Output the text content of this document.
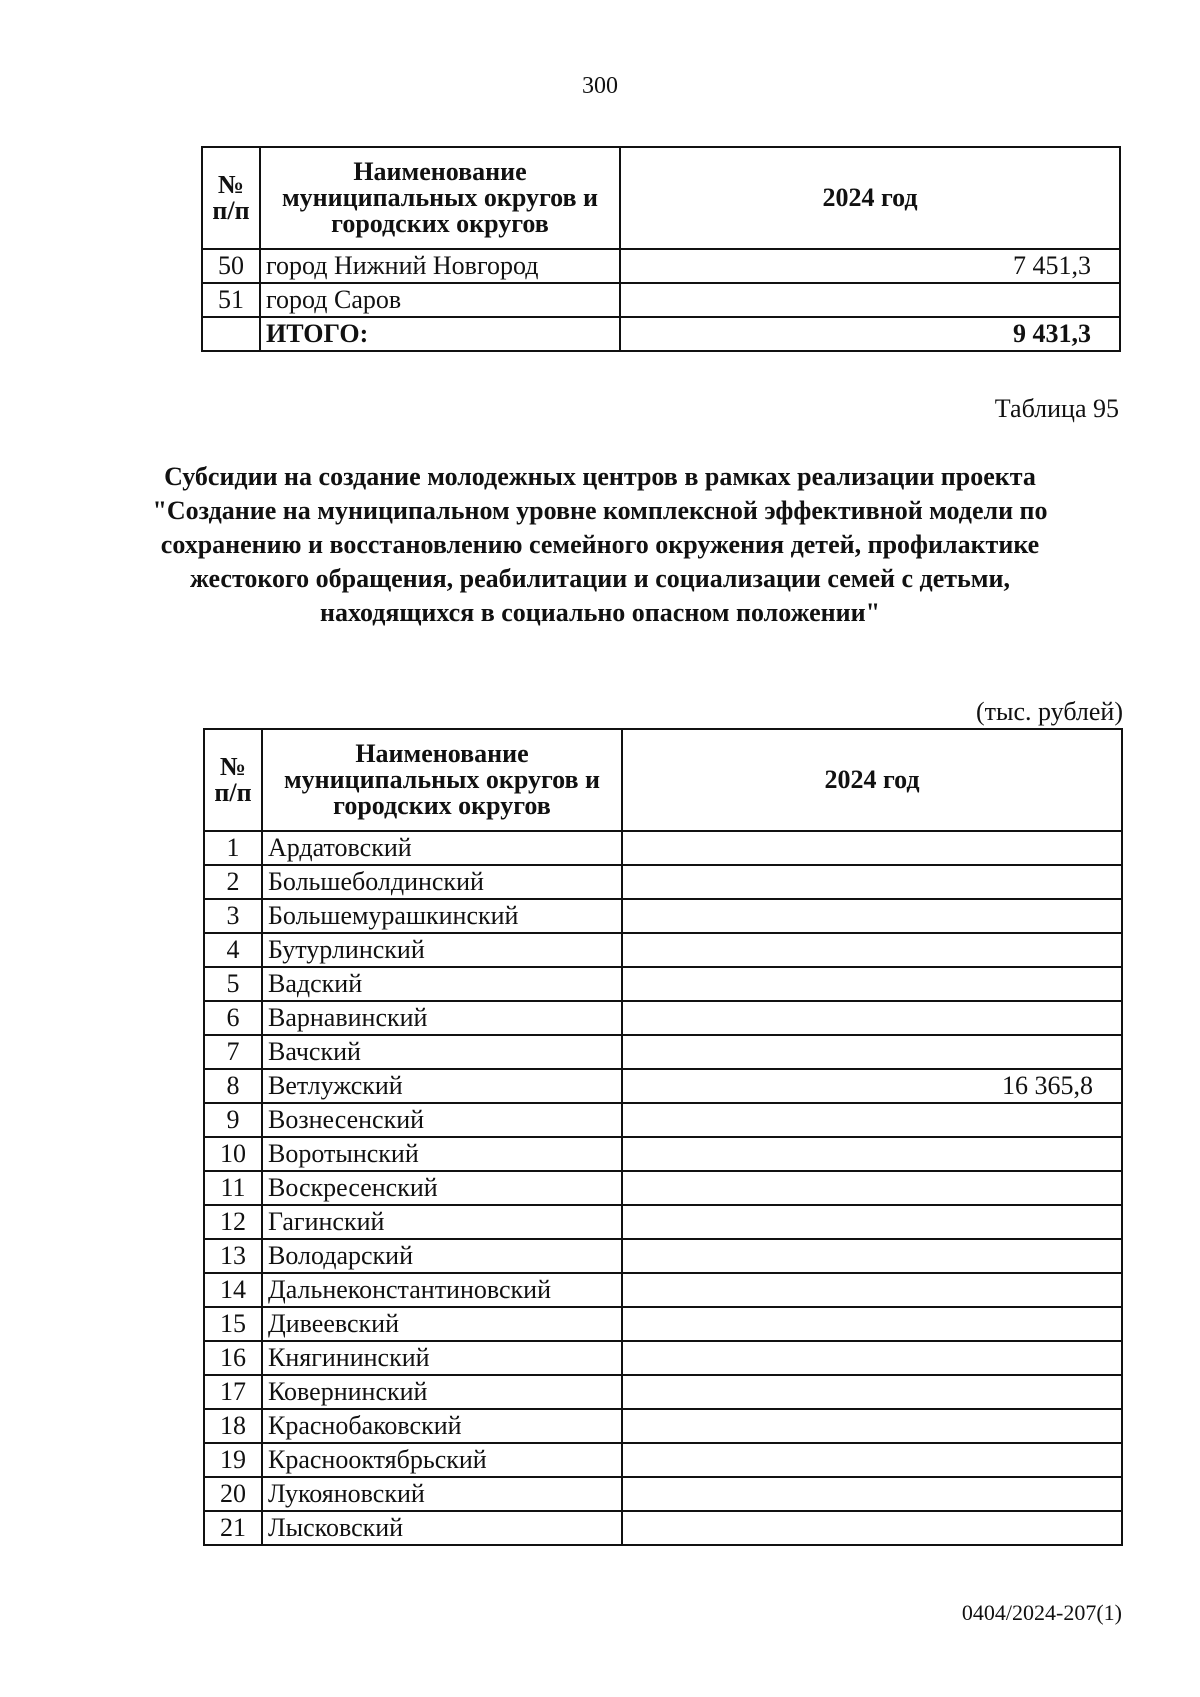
300
№ п/п	Наименование муниципальных округов и городских округов	2024 год
50	город Нижний Новгород	7 451,3
51	город Саров	
	ИТОГО:	9 431,3
Таблица 95
Субсидии на создание молодежных центров в рамках реализации проекта "Создание на муниципальном уровне комплексной эффективной модели по сохранению и восстановлению семейного окружения детей, профилактике жестокого обращения, реабилитации и социализации семей с детьми, находящихся в социально опасном положении"
(тыс. рублей)
№ п/п	Наименование муниципальных округов и городских округов	2024 год
1	Ардатовский	
2	Большеболдинский	
3	Большемурашкинский	
4	Бутурлинский	
5	Вадский	
6	Варнавинский	
7	Вачский	
8	Ветлужский	16 365,8
9	Вознесенский	
10	Воротынский	
11	Воскресенский	
12	Гагинский	
13	Володарский	
14	Дальнеконстантиновский	
15	Дивеевский	
16	Княгининский	
17	Ковернинский	
18	Краснобаковский	
19	Краснооктябрьский	
20	Лукояновский	
21	Лысковский	
0404/2024-207(1)
